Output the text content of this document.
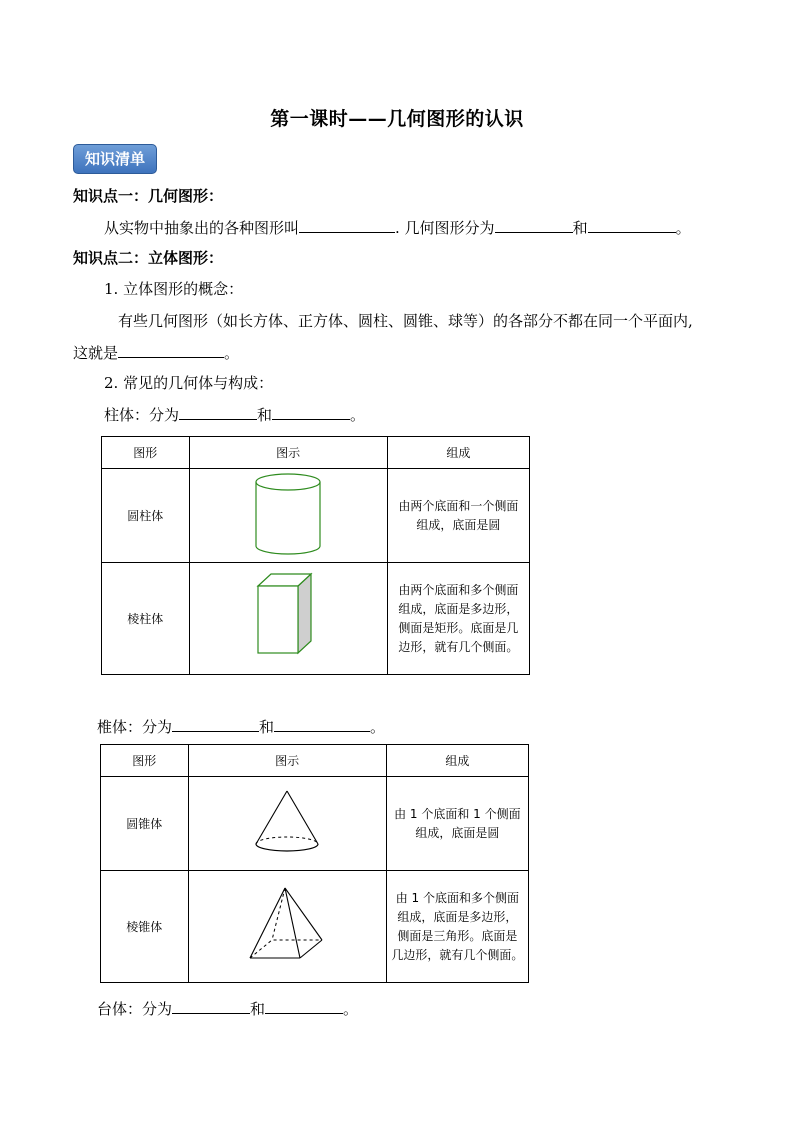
第一课时——几何图形的认识
知识清单
知识点一：几何图形：
从实物中抽象出的各种图形叫	. 几何图形分为	和	。
知识点二：立体图形：
1. 立体图形的概念：
有些几何图形（如长方体、正方体、圆柱、圆锥、球等）的各部分不都在同一个平面内,
这就是	。
2. 常见的几何体与构成：
柱体：分为	和	。
图形	图示	组成
圆柱体		由两个底面和一个侧面
组成，底面是圆

棱柱体		由两个底面和多个侧面
组成，底面是多边形，
侧面是矩形。底面是几
边形，就有几个侧面。
椎体：分为	和	。
图形	图示	组成
圆锥体		由 1 个底面和 1 个侧面
组成，底面是圆

棱锥体		由 1 个底面和多个侧面
组成，底面是多边形，
侧面是三角形。底面是
几边形，就有几个侧面。
台体：分为	和	。
